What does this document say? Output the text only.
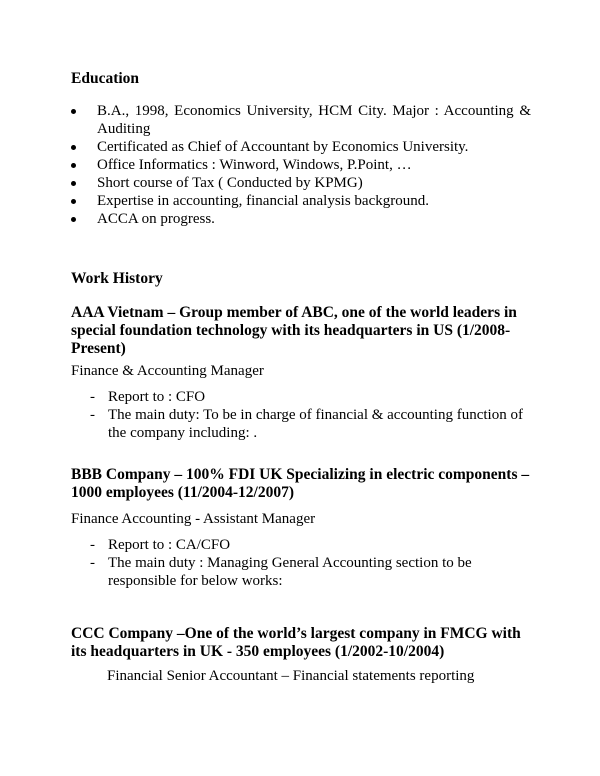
Education
B.A., 1998, Economics University, HCM City. Major : Accounting & Auditing
Certificated as Chief of Accountant by Economics University.
Office Informatics : Winword, Windows, P.Point, …
Short course of Tax ( Conducted by KPMG)
Expertise in accounting, financial analysis background.
ACCA on progress.
Work History

AAA Vietnam – Group member of ABC, one of the world leaders in special foundation technology with its headquarters in US (1/2008-Present)

Finance & Accounting Manager

- Report to : CFO
- The main duty: To be in charge of financial & accounting function of the company including: .

BBB Company – 100% FDI UK Specializing in electric components – 1000 employees (11/2004-12/2007)

Finance Accounting - Assistant Manager

- Report to : CA/CFO
- The main duty : Managing General Accounting section to be responsible for below works:

CCC Company –One of the world’s largest company in FMCG with its headquarters in UK - 350 employees (1/2002-10/2004)

Financial Senior Accountant – Financial statements reporting
